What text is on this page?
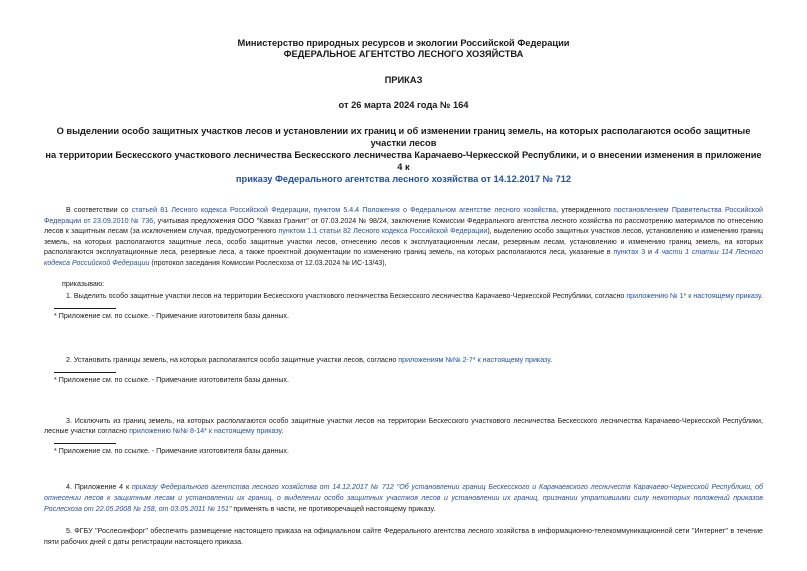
Министерство природных ресурсов и экологии Российской Федерации
ФЕДЕРАЛЬНОЕ АГЕНТСТВО ЛЕСНОГО ХОЗЯЙСТВА
ПРИКАЗ
от 26 марта 2024 года № 164
О выделении особо защитных участков лесов и установлении их границ и об изменении границ земель, на которых располагаются особо защитные участки лесов
на территории Бескесского участкового лесничества Бескесского лесничества Карачаево-Черкесской Республики, и о внесении изменения в приложение 4 к
приказу Федерального агентства лесного хозяйства от 14.12.2017 № 712

В соответствии со статьей 81 Лесного кодекса Российской Федерации, пунктом 5.4.4 Положения о Федеральном агентстве лесного хозяйства, утвержденного постановлением Правительства Российской Федерации от 23.09.2010 № 736, учитывая предложения ООО "Кавказ Гранит" от 07.03.2024 № 98/24, заключение Комиссии Федерального агентства лесного хозяйства по рассмотрению материалов по отнесению лесов к защитным лесам (за исключением случая, предусмотренного пунктом 1.1 статьи 82 Лесного кодекса Российской Федерации), выделению особо защитных участков лесов, установлению и изменению границ земель, на которых располагаются защитные леса, особо защитные участки лесов, отнесению лесов к эксплуатационным лесам, резервным лесам, установлению и изменению границ земель, на которых располагаются эксплуатационные леса, резервные леса, а также проектной документации по изменению границ земель, на которых располагаются леса, указанные в пунктах 3 и 4 части 1 статьи 114 Лесного кодекса Российской Федерации (протокол заседания Комиссии Рослесхоза от 12.03.2024 № ИС-13/43),

приказываю:

1. Выделить особо защитные участки лесов на территории Бескесского участкового лесничества Бескесского лесничества Карачаево-Черкесской Республики, согласно приложению № 1* к настоящему приказу.

* Приложение см. по ссылке. - Примечание изготовителя базы данных.

2. Установить границы земель, на которых располагаются особо защитные участки лесов, согласно приложениям №№ 2-7* к настоящему приказу.

* Приложение см. по ссылке. - Примечание изготовителя базы данных.

3. Исключить из границ земель, на которых располагаются особо защитные участки лесов на территории Бескесского участкового лесничества Бескесского лесничества Карачаево-Черкесской Республики, лесные участки согласно приложению №№ 8-14* к настоящему приказу.

* Приложение см. по ссылке. - Примечание изготовителя базы данных.

4. Приложение 4 к приказу Федерального агентства лесного хозяйства от 14.12.2017 № 712 "Об установлении границ Бескесского и Карачаевского лесничеств Карачаево-Черкесской Республики, об отнесении лесов к защитным лесам и установлении их границ, о выделении особо защитных участков лесов и установлении их границ, признании утратившими силу некоторых положений приказов Рослесхоза от 22.05.2008 № 158, от 03.05.2011 № 151" применять в части, не противоречащей настоящему приказу.

5. ФГБУ "Рослесинфорг" обеспечить размещение настоящего приказа на официальном сайте Федерального агентства лесного хозяйства в информационно-телекоммуникационной сети "Интернет" в течение пяти рабочих дней с даты регистрации настоящего приказа.
